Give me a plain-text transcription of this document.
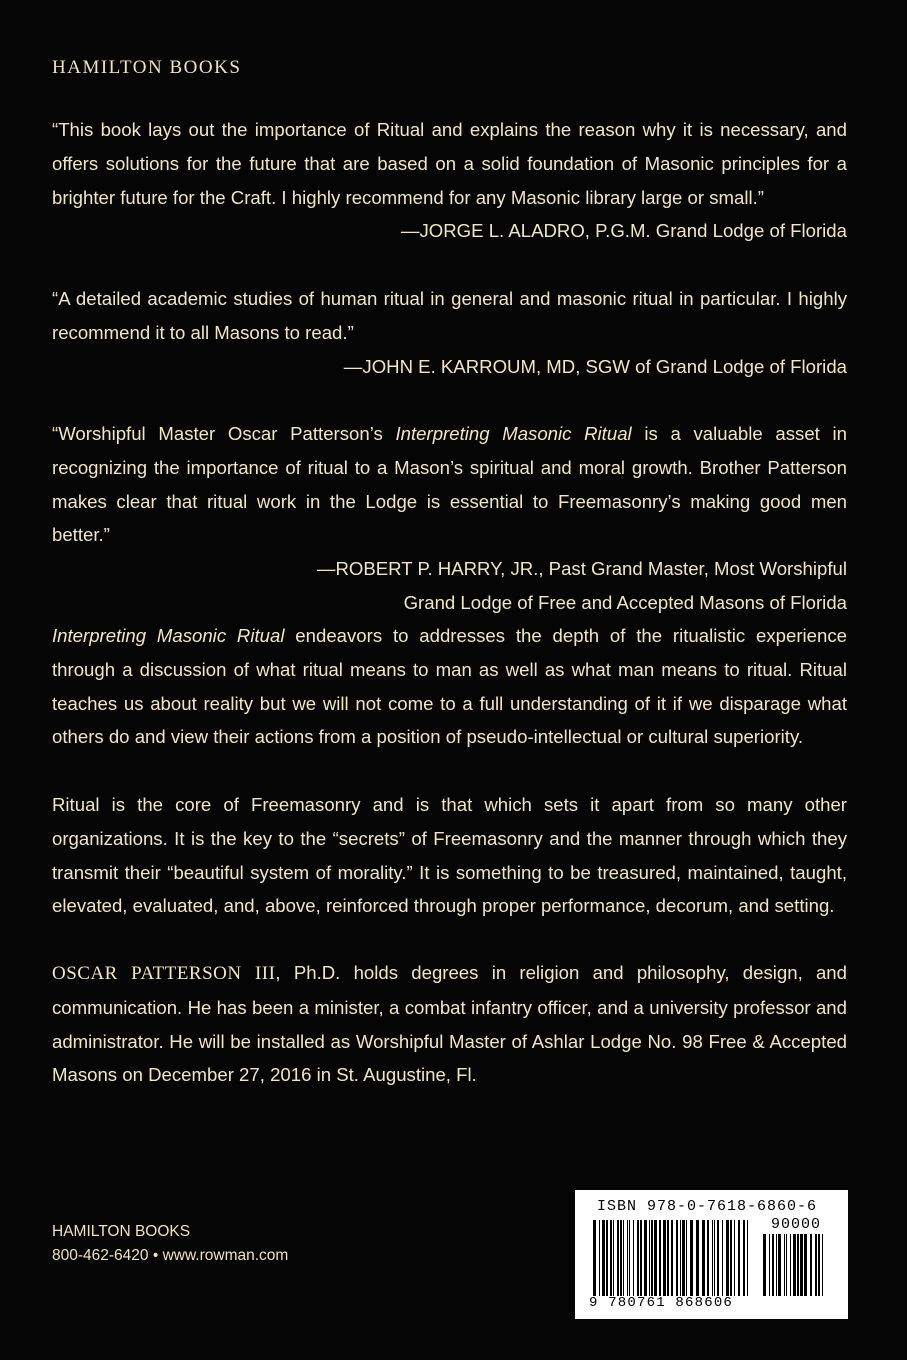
HAMILTON BOOKS

“This book lays out the importance of Ritual and explains the reason why it is necessary, and offers solutions for the future that are based on a solid foundation of Masonic principles for a brighter future for the Craft. I highly recommend for any Masonic library large or small.”

—JORGE L. ALADRO, P.G.M. Grand Lodge of Florida

“A detailed academic studies of human ritual in general and masonic ritual in particular. I highly recommend it to all Masons to read.”

—JOHN E. KARROUM, MD, SGW of Grand Lodge of Florida

“Worshipful Master Oscar Patterson’s Interpreting Masonic Ritual is a valuable asset in recognizing the importance of ritual to a Mason’s spiritual and moral growth. Brother Patterson makes clear that ritual work in the Lodge is essential to Freemasonry’s making good men better.”

—ROBERT P. HARRY, JR., Past Grand Master, Most Worshipful
Grand Lodge of Free and Accepted Masons of Florida

Interpreting Masonic Ritual endeavors to addresses the depth of the ritualistic experience through a discussion of what ritual means to man as well as what man means to ritual. Ritual teaches us about reality but we will not come to a full understanding of it if we disparage what others do and view their actions from a position of pseudo-intellectual or cultural superiority.

Ritual is the core of Freemasonry and is that which sets it apart from so many other organizations. It is the key to the “secrets” of Freemasonry and the manner through which they transmit their “beautiful system of morality.” It is something to be treasured, maintained, taught, elevated, evaluated, and, above, reinforced through proper performance, decorum, and setting.

OSCAR PATTERSON III, Ph.D. holds degrees in religion and philosophy, design, and communication. He has been a minister, a combat infantry officer, and a university professor and administrator. He will be installed as Worshipful Master of Ashlar Lodge No. 98 Free & Accepted Masons on December 27, 2016 in St. Augustine, Fl.

HAMILTON BOOKS
800-462-6420 • www.rowman.com
ISBN 978-0-7618-6860-6
90000
9 780761 868606
